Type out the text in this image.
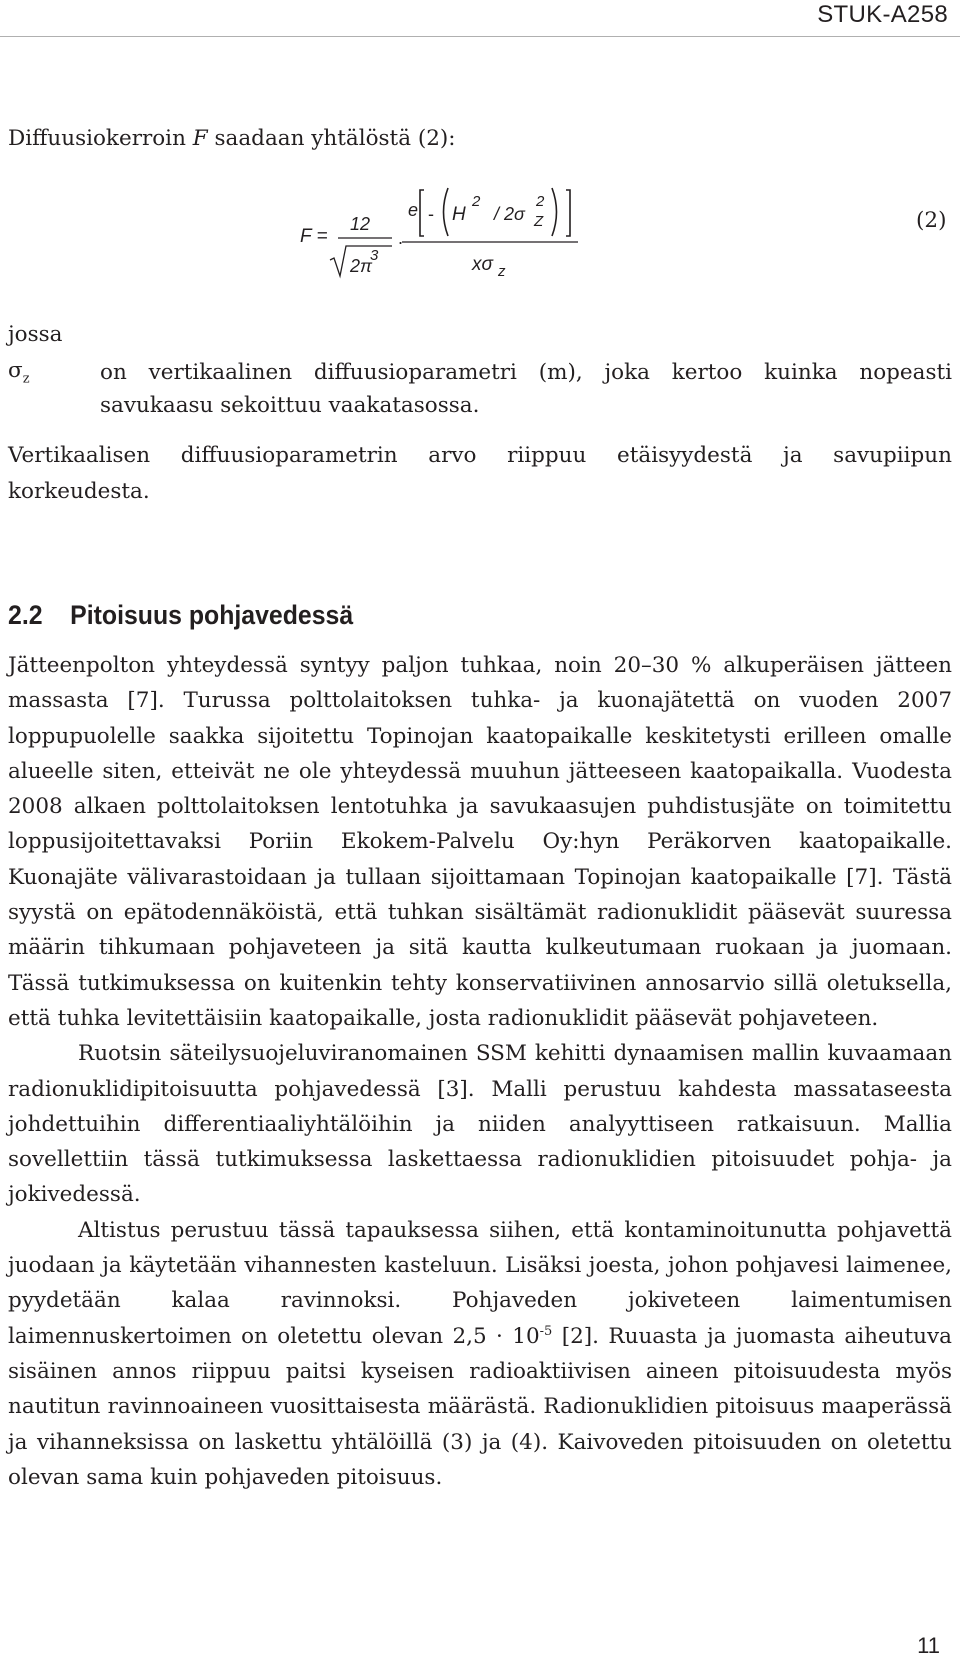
STUK-A258
Diffuusiokerroin F saadaan yhtälöstä (2):
F =
12
2π
3
.
e - H
2
/ 2σ
2
Z
xσ z
(2)
jossa
$\sigma_z$	on vertikaalinen diffuusioparametri (m), joka kertoo kuinka nopeasti savukaasu sekoittuu vaakatasossa.
Vertikaalisen diffuusioparametrin arvo riippuu etäisyydestä ja savupiipun korkeudesta.
2.2 Pitoisuus pohjavedessä

Jätteenpolton yhteydessä syntyy paljon tuhkaa, noin 20–30 % alkuperäisen jätteen massasta [7]. Turussa polttolaitoksen tuhka- ja kuonajätettä on vuoden 2007 loppupuolelle saakka sijoitettu Topinojan kaatopaikalle keskitetysti erilleen omalle alueelle siten, etteivät ne ole yhteydessä muuhun jätteeseen kaatopaikalla. Vuodesta 2008 alkaen polttolaitoksen lentotuhka ja savukaasujen puhdistusjäte on toimitettu loppusijoitettavaksi Poriin Ekokem-Palvelu Oy:hyn Peräkorven kaatopaikalle. Kuonajäte välivarastoidaan ja tullaan sijoittamaan Topinojan kaatopaikalle [7]. Tästä syystä on epätodennäköistä, että tuhkan sisältämät radionuklidit pääsevät suuressa määrin tihkumaan pohjaveteen ja sitä kautta kulkeutumaan ruokaan ja juomaan. Tässä tutkimuksessa on kuitenkin tehty konservatiivinen annosarvio sillä oletuksella, että tuhka levitettäisiin kaatopaikalle, josta radionuklidit pääsevät pohjaveteen.

Ruotsin säteilysuojeluviranomainen SSM kehitti dynaamisen mallin kuvaamaan radionuklidipitoisuutta pohjavedessä [3]. Malli perustuu kahdesta massataseesta johdettuihin differentiaaliyhtälöihin ja niiden analyyttiseen ratkaisuun. Mallia sovellettiin tässä tutkimuksessa laskettaessa radionuklidien pitoisuudet pohja- ja jokivedessä.

Altistus perustuu tässä tapauksessa siihen, että kontaminoitunutta pohjavettä juodaan ja käytetään vihannesten kasteluun. Lisäksi joesta, johon pohjavesi laimenee, pyydetään kalaa ravinnoksi. Pohjaveden jokiveteen laimentumisen laimennuskertoimen on oletettu olevan $2,5 \cdot 10^{-5}$ [2]. Ruuasta ja juomasta aiheutuva sisäinen annos riippuu paitsi kyseisen radioaktiivisen aineen pitoisuudesta myös nautitun ravinnoaineen vuosittaisesta määrästä. Radionuklidien pitoisuus maaperässä ja vihanneksissa on laskettu yhtälöillä (3) ja (4). Kaivoveden pitoisuuden on oletettu olevan sama kuin pohjaveden pitoisuus.

11
